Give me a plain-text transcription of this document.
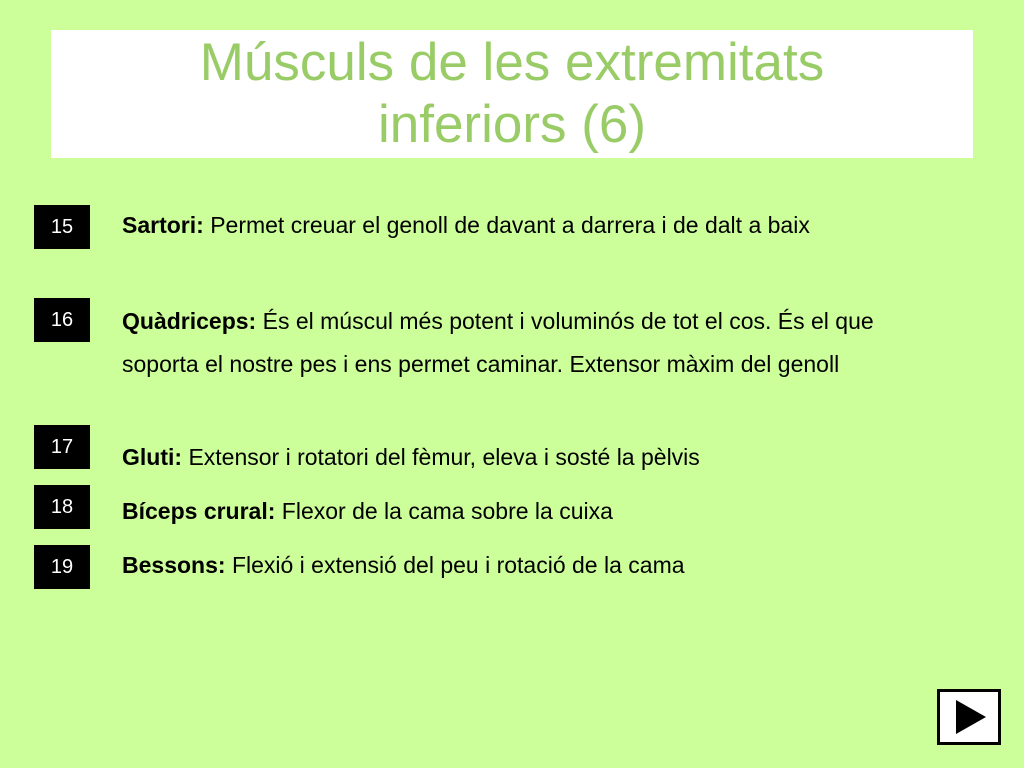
Músculs de les extremitats
inferiors (6)
15	Sartori: Permet creuar el genoll de davant a darrera i de dalt a baix
16	Quàdriceps: És el múscul més potent i voluminós de tot el cos. És el que soporta el nostre pes i ens permet caminar. Extensor màxim del genoll
17	Gluti: Extensor i rotatori del fèmur, eleva i sosté la pèlvis
18	Bíceps crural: Flexor de la cama sobre la cuixa
19	Bessons: Flexió i extensió del peu i rotació de la cama
